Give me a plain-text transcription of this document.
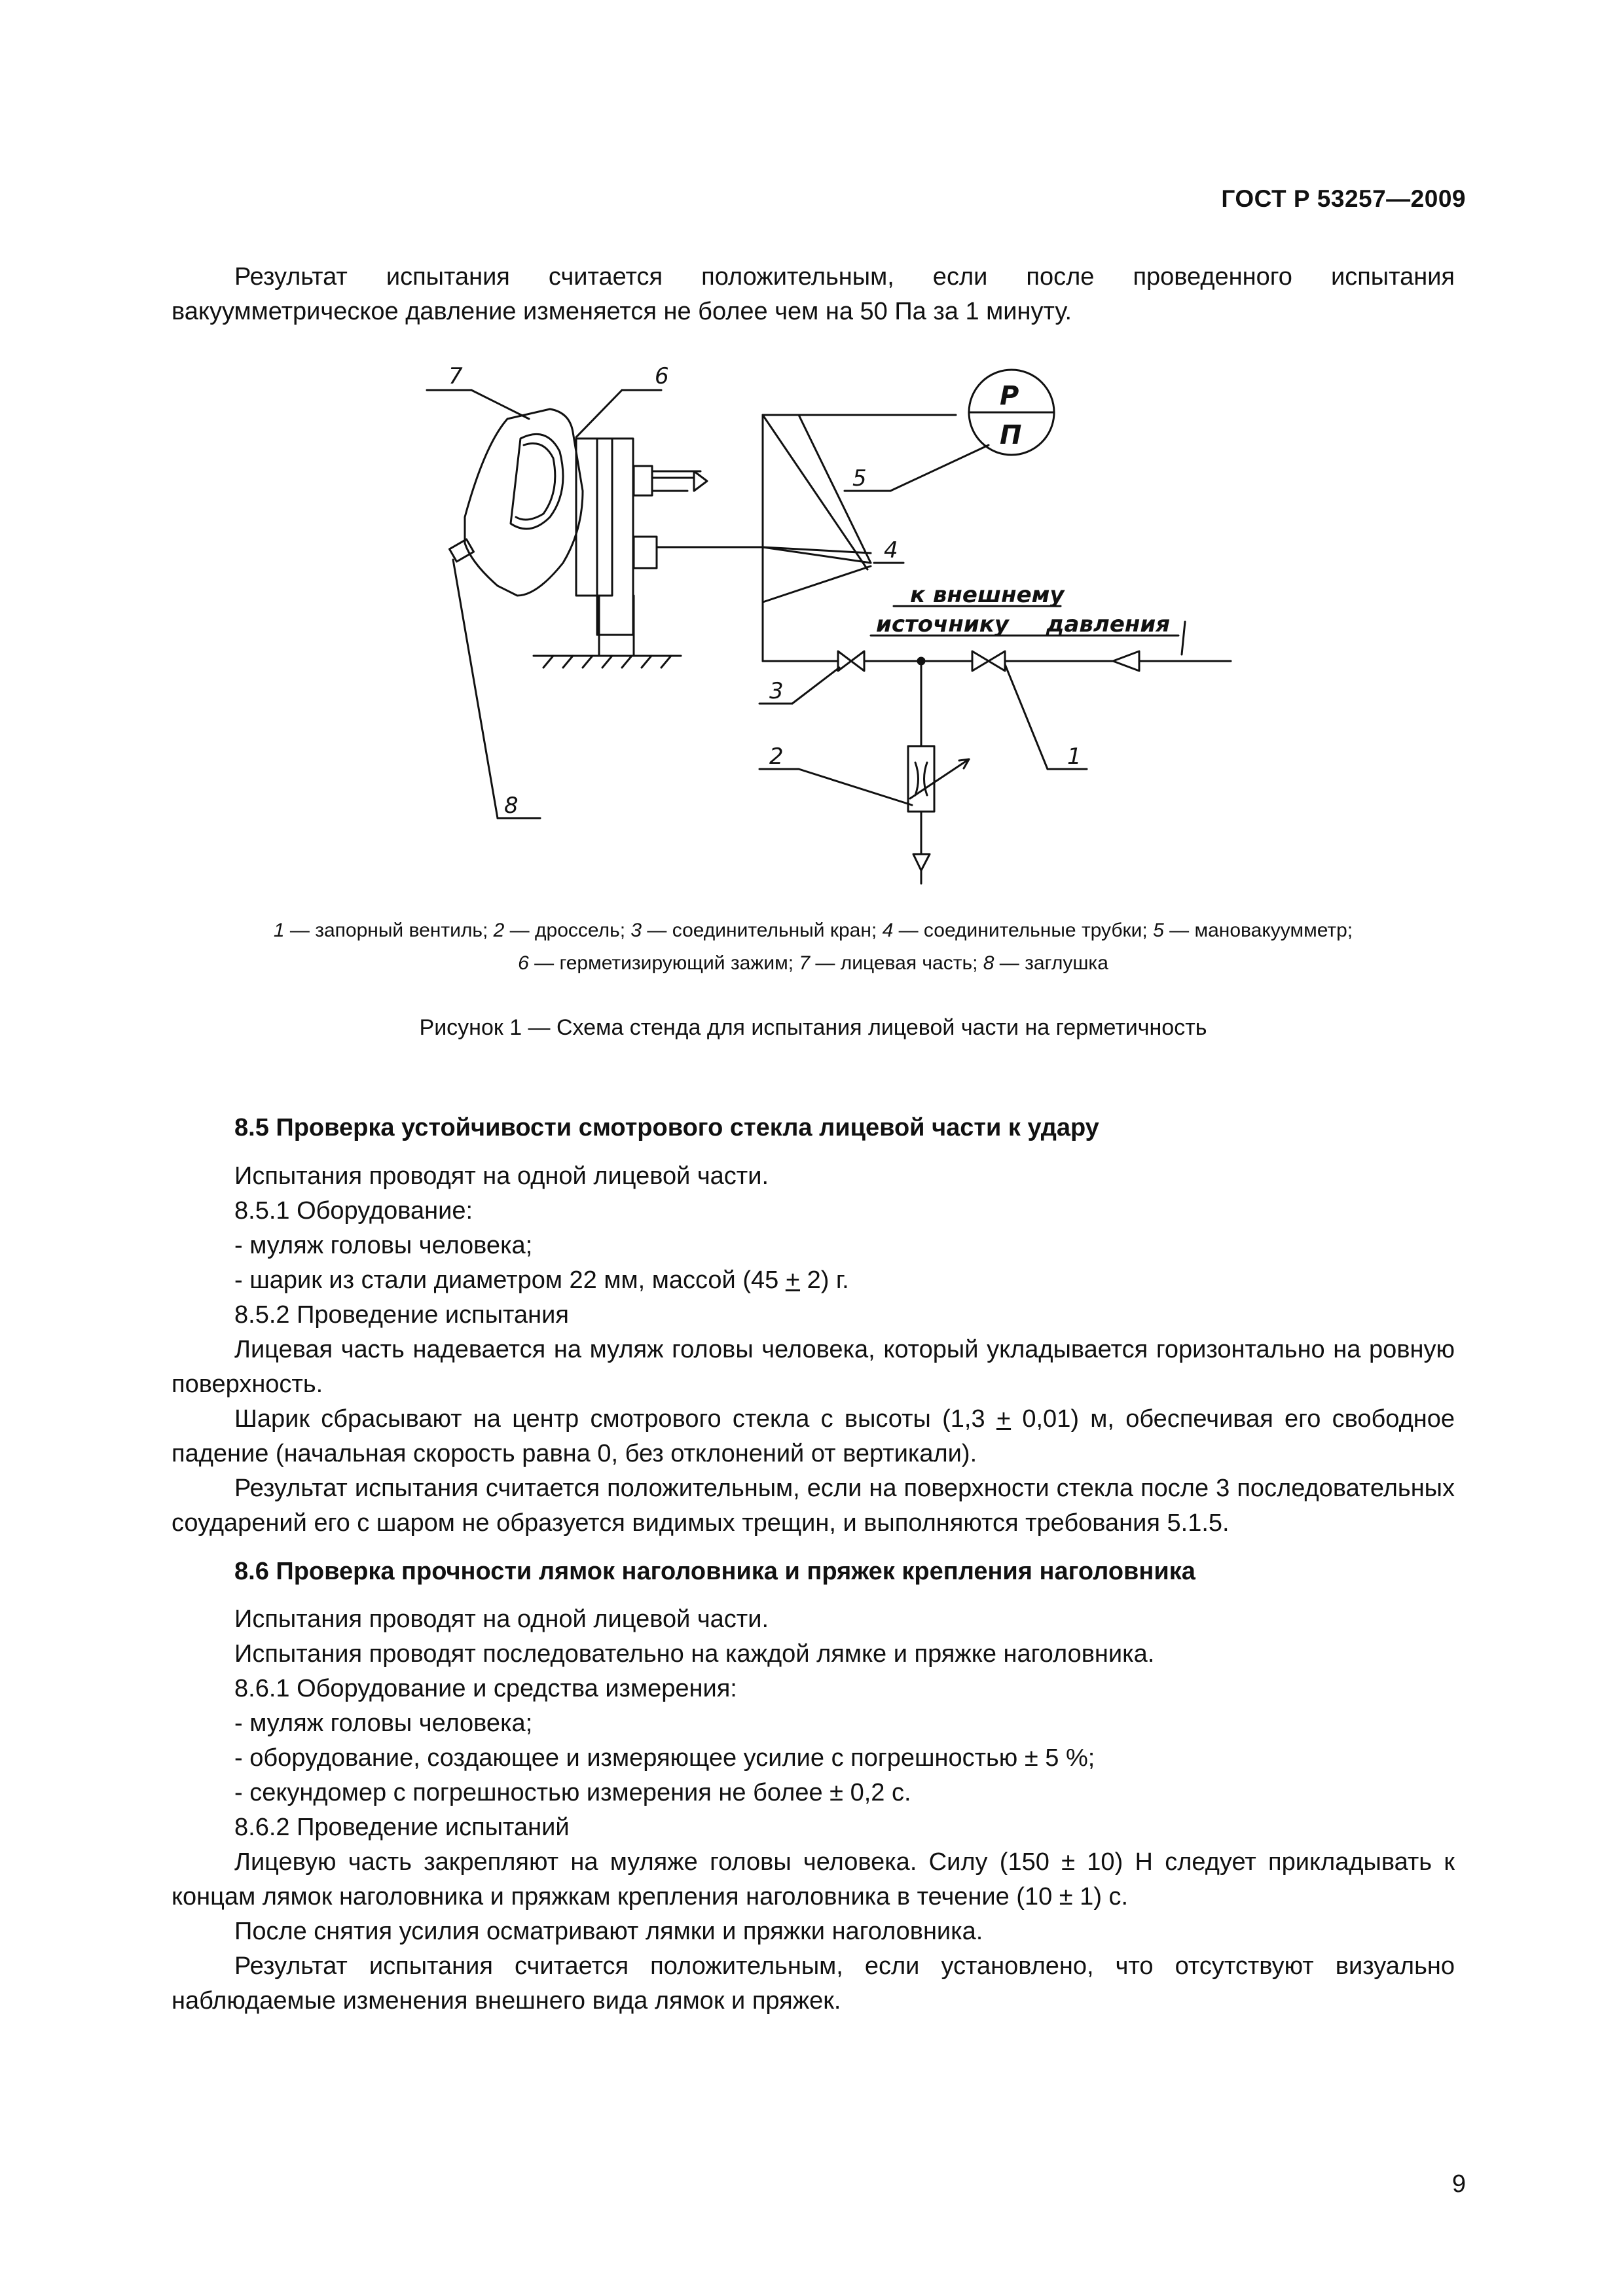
ГОСТ Р 53257—2009

Результат испытания считается положительным, если после проведенного испытания вакуумметрическое давление изменяется не более чем на 50 Па за 1 минуту.

7	6
5
4
3
2	1
8
Р
П
к внешнему
источнику давления
1 — запорный вентиль; 2 — дроссель; 3 — соединительный кран; 4 — соединительные трубки; 5 — мановакуумметр;
6 — герметизирующий зажим; 7 — лицевая часть; 8 — заглушка
Рисунок 1 — Схема стенда для испытания лицевой части на герметичность
8.5 Проверка устойчивости смотрового стекла лицевой части к удару
Испытания проводят на одной лицевой части.
8.5.1 Оборудование:
- муляж головы человека;
- шарик из стали диаметром 22 мм, массой (45 + 2) г.
8.5.2 Проведение испытания

Лицевая часть надевается на муляж головы человека, который укладывается горизонтально на ровную поверхность.

Шарик сбрасывают на центр смотрового стекла с высоты (1,3 + 0,01) м, обеспечивая его свободное падение (начальная скорость равна 0, без отклонений от вертикали).

Результат испытания считается положительным, если на поверхности стекла после 3 последовательных соударений его с шаром не образуется видимых трещин, и выполняются требования 5.1.5.

8.6 Проверка прочности лямок наголовника и пряжек крепления наголовника
Испытания проводят на одной лицевой части.
Испытания проводят последовательно на каждой лямке и пряжке наголовника.
8.6.1 Оборудование и средства измерения:
- муляж головы человека;
- оборудование, создающее и измеряющее усилие с погрешностью ± 5 %;
- секундомер с погрешностью измерения не более ± 0,2 с.
8.6.2 Проведение испытаний

Лицевую часть закрепляют на муляже головы человека. Силу (150 ± 10) Н следует прикладывать к концам лямок наголовника и пряжкам крепления наголовника в течение (10 ± 1) с.

После снятия усилия осматривают лямки и пряжки наголовника.

Результат испытания считается положительным, если установлено, что отсутствуют визуально наблюдаемые изменения внешнего вида лямок и пряжек.

9
